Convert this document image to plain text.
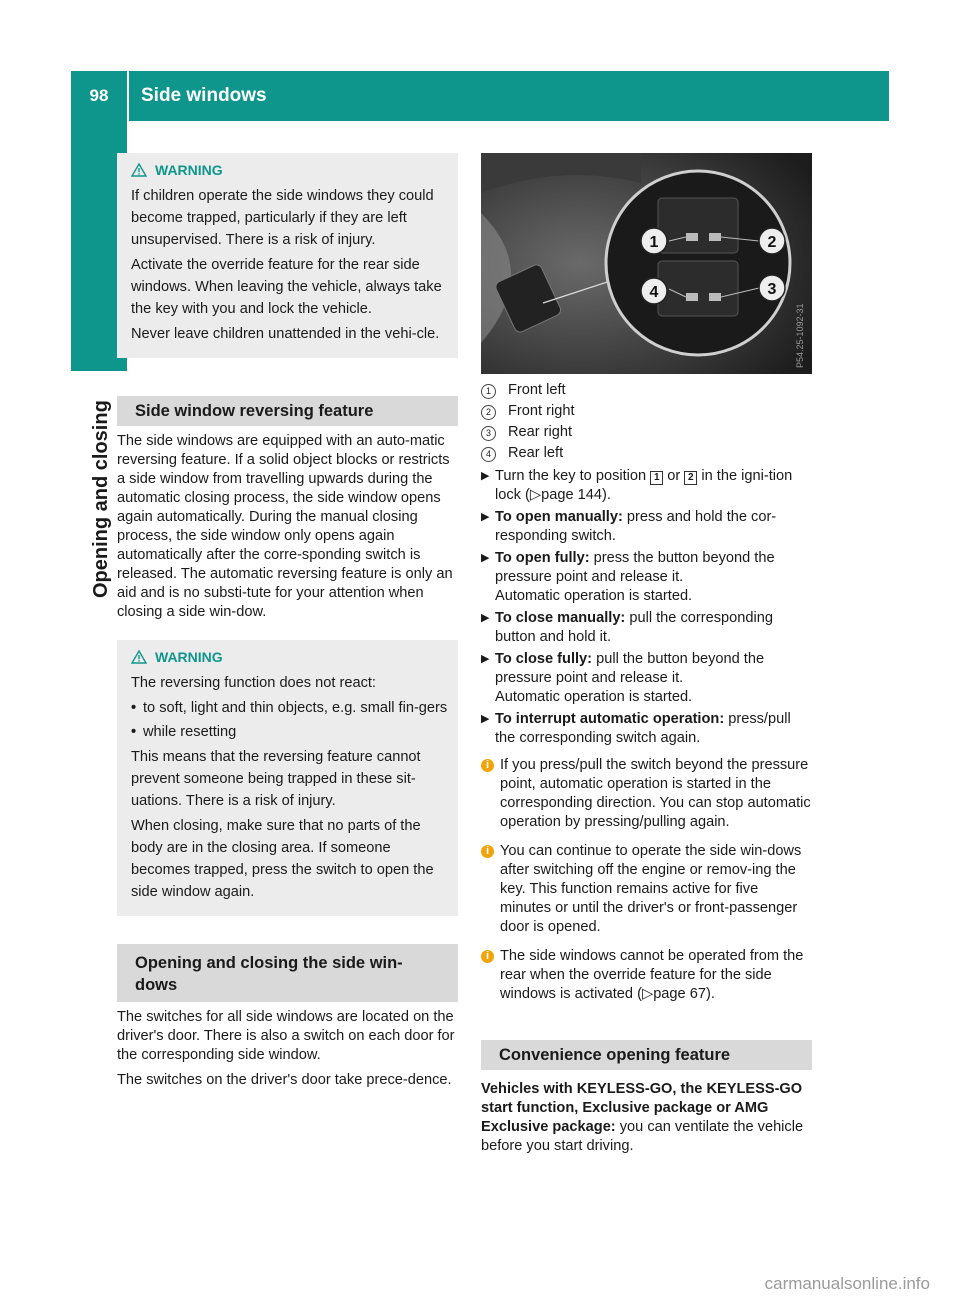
98	Side windows
Opening and closing
WARNING

If children operate the side windows they could become trapped, particularly if they are left unsupervised. There is a risk of injury.

Activate the override feature for the rear side windows. When leaving the vehicle, always take the key with you and lock the vehicle.

Never leave children unattended in the vehi-cle.

Side window reversing feature

The side windows are equipped with an auto-matic reversing feature. If a solid object blocks or restricts a side window from travelling upwards during the automatic closing process, the side window opens again automatically. During the manual closing process, the side window only opens again automatically after the corre-sponding switch is released. The automatic reversing feature is only an aid and is no substi-tute for your attention when closing a side win-dow.

WARNING

The reversing function does not react:

• to soft, light and thin objects, e.g. small fin-gers
• while resetting

This means that the reversing feature cannot prevent someone being trapped in these sit-uations. There is a risk of injury.

When closing, make sure that no parts of the body are in the closing area. If someone becomes trapped, press the switch to open the side window again.

Opening and closing the side win-dows

The switches for all side windows are located on the driver's door. There is also a switch on each door for the corresponding side window.

The switches on the driver's door take prece-dence.

1	2
3
4
P54.25-1092-31
1	Front left
2	Front right
3	Rear right
4	Rear left
▶ Turn the key to position 1 or 2 in the igni-tion lock (▷page 144).
▶ To open manually: press and hold the cor-responding switch.
▶ To open fully: press the button beyond the pressure point and release it.
Automatic operation is started.
▶ To close manually: pull the corresponding button and hold it.
▶ To close fully: pull the button beyond the pressure point and release it.
Automatic operation is started.
▶ To interrupt automatic operation: press/pull the corresponding switch again.
i If you press/pull the switch beyond the pressure point, automatic operation is started in the corresponding direction. You can stop automatic operation by pressing/pulling again.
i You can continue to operate the side win-dows after switching off the engine or remov-ing the key. This function remains active for five minutes or until the driver's or front-passenger door is opened.
i The side windows cannot be operated from the rear when the override feature for the side windows is activated (▷page 67).
Convenience opening feature

Vehicles with KEYLESS-GO, the KEYLESS-GO start function, Exclusive package or AMG Exclusive package: you can ventilate the vehicle before you start driving.

carmanualsonline.info
